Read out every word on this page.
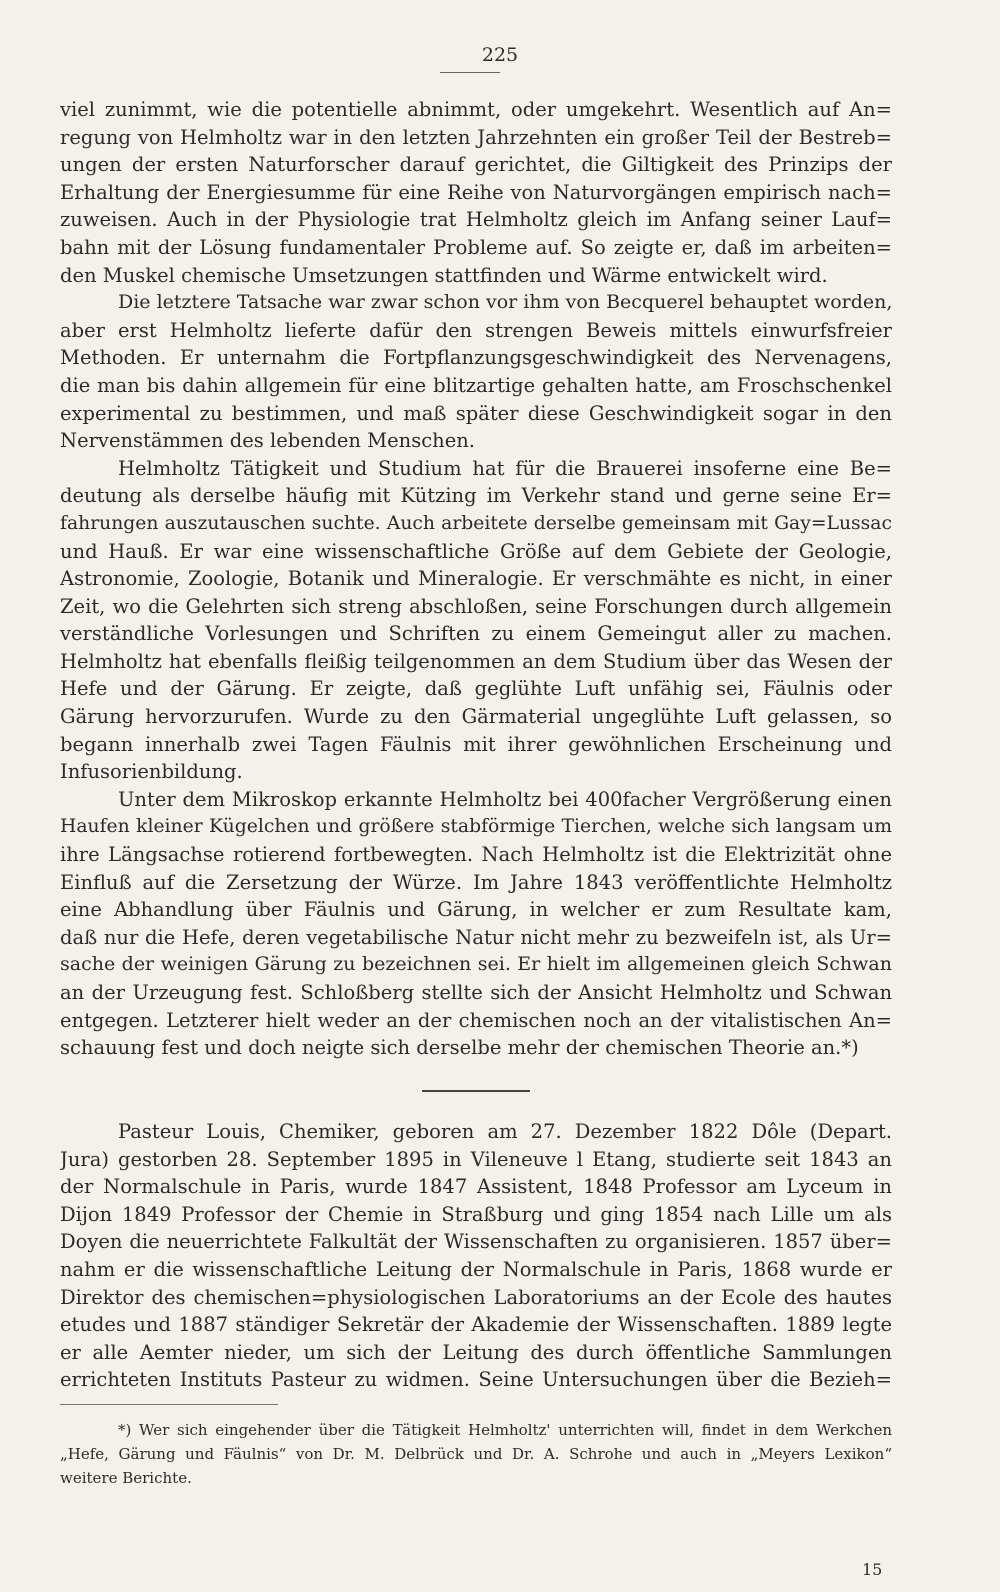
225
viel zunimmt, wie die potentielle abnimmt, oder umgekehrt. Wesentlich auf An=
regung von Helmholtz war in den letzten Jahrzehnten ein großer Teil der Bestreb=
ungen der ersten Naturforscher darauf gerichtet, die Giltigkeit des Prinzips der
Erhaltung der Energiesumme für eine Reihe von Naturvorgängen empirisch nach=
zuweisen. Auch in der Physiologie trat Helmholtz gleich im Anfang seiner Lauf=
bahn mit der Lösung fundamentaler Probleme auf. So zeigte er, daß im arbeiten=
den Muskel chemische Umsetzungen stattfinden und Wärme entwickelt wird.
Die letztere Tatsache war zwar schon vor ihm von Becquerel behauptet worden,
aber erst Helmholtz lieferte dafür den strengen Beweis mittels einwurfsfreier
Methoden. Er unternahm die Fortpflanzungsgeschwindigkeit des Nervenagens,
die man bis dahin allgemein für eine blitzartige gehalten hatte, am Froschschenkel
experimental zu bestimmen, und maß später diese Geschwindigkeit sogar in den
Nervenstämmen des lebenden Menschen.
Helmholtz Tätigkeit und Studium hat für die Brauerei insoferne eine Be=
deutung als derselbe häufig mit Kützing im Verkehr stand und gerne seine Er=
fahrungen auszutauschen suchte. Auch arbeitete derselbe gemeinsam mit Gay=Lussac
und Hauß. Er war eine wissenschaftliche Größe auf dem Gebiete der Geologie,
Astronomie, Zoologie, Botanik und Mineralogie. Er verschmähte es nicht, in einer
Zeit, wo die Gelehrten sich streng abschloßen, seine Forschungen durch allgemein
verständliche Vorlesungen und Schriften zu einem Gemeingut aller zu machen.
Helmholtz hat ebenfalls fleißig teilgenommen an dem Studium über das Wesen der
Hefe und der Gärung. Er zeigte, daß geglühte Luft unfähig sei, Fäulnis oder
Gärung hervorzurufen. Wurde zu den Gärmaterial ungeglühte Luft gelassen, so
begann innerhalb zwei Tagen Fäulnis mit ihrer gewöhnlichen Erscheinung und
Infusorienbildung.
Unter dem Mikroskop erkannte Helmholtz bei 400facher Vergrößerung einen
Haufen kleiner Kügelchen und größere stabförmige Tierchen, welche sich langsam um
ihre Längsachse rotierend fortbewegten. Nach Helmholtz ist die Elektrizität ohne
Einfluß auf die Zersetzung der Würze. Im Jahre 1843 veröffentlichte Helmholtz
eine Abhandlung über Fäulnis und Gärung, in welcher er zum Resultate kam,
daß nur die Hefe, deren vegetabilische Natur nicht mehr zu bezweifeln ist, als Ur=
sache der weinigen Gärung zu bezeichnen sei. Er hielt im allgemeinen gleich Schwan
an der Urzeugung fest. Schloßberg stellte sich der Ansicht Helmholtz und Schwan
entgegen. Letzterer hielt weder an der chemischen noch an der vitalistischen An=
schauung fest und doch neigte sich derselbe mehr der chemischen Theorie an.*)
Pasteur Louis, Chemiker, geboren am 27. Dezember 1822 Dôle (Depart.
Jura) gestorben 28. September 1895 in Vileneuve l Etang, studierte seit 1843 an
der Normalschule in Paris, wurde 1847 Assistent, 1848 Professor am Lyceum in
Dijon 1849 Professor der Chemie in Straßburg und ging 1854 nach Lille um als
Doyen die neuerrichtete Falkultät der Wissenschaften zu organisieren. 1857 über=
nahm er die wissenschaftliche Leitung der Normalschule in Paris, 1868 wurde er
Direktor des chemischen=physiologischen Laboratoriums an der Ecole des hautes
etudes und 1887 ständiger Sekretär der Akademie der Wissenschaften. 1889 legte
er alle Aemter nieder, um sich der Leitung des durch öffentliche Sammlungen
errichteten Instituts Pasteur zu widmen. Seine Untersuchungen über die Bezieh=
*) Wer sich eingehender über die Tätigkeit Helmholtz' unterrichten will, findet in dem Werkchen
„Hefe, Gärung und Fäulnis“ von Dr. M. Delbrück und Dr. A. Schrohe und auch in „Meyers Lexikon“
weitere Berichte.
15
